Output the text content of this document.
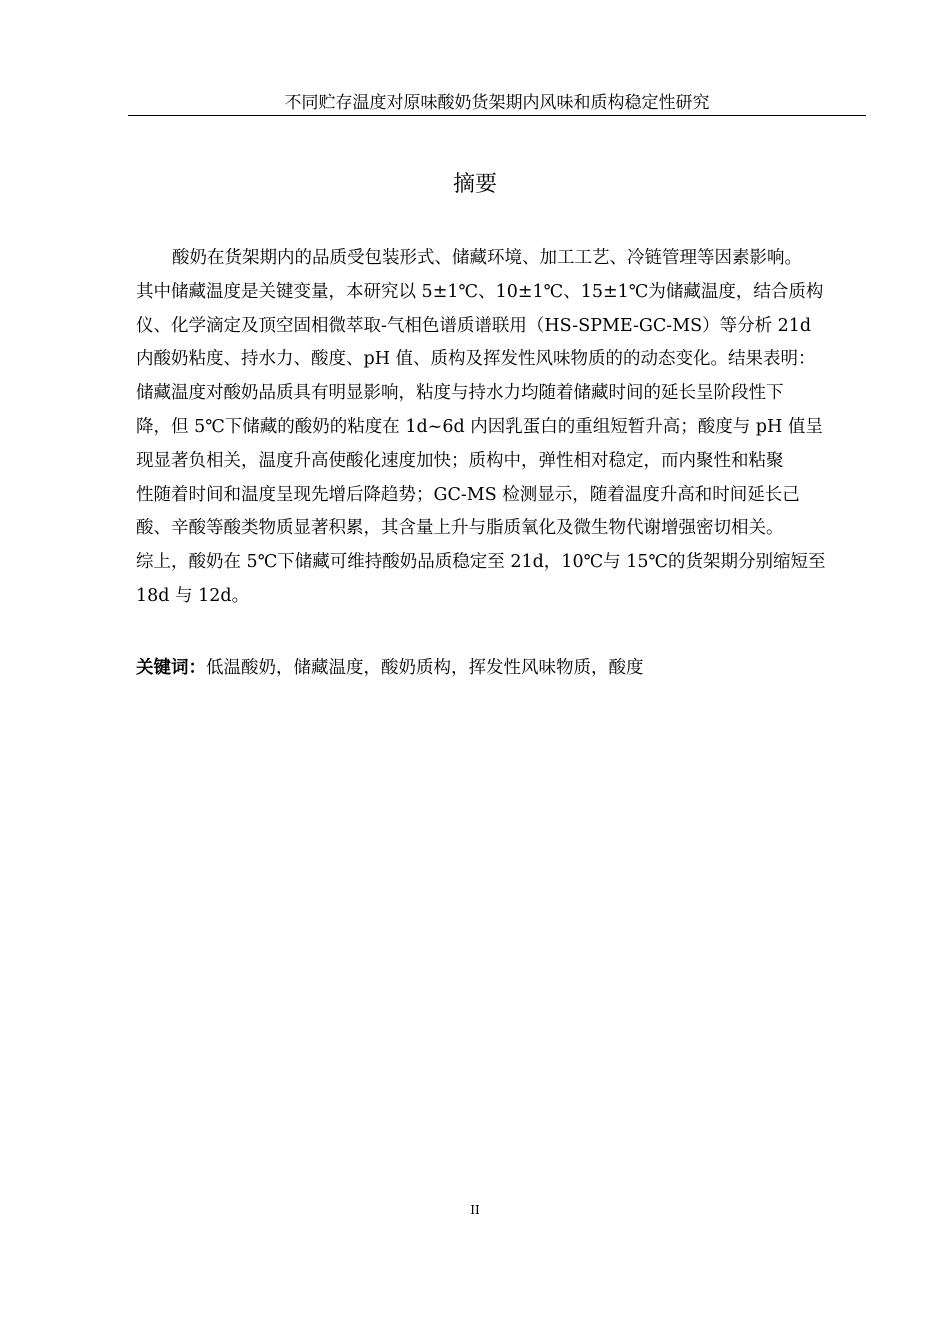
不同贮存温度对原味酸奶货架期内风味和质构稳定性研究
摘要
酸奶在货架期内的品质受包装形式、储藏环境、加工工艺、冷链管理等因素影响。
其中储藏温度是关键变量，本研究以 5±1℃、10±1℃、15±1℃为储藏温度，结合质构
仪、化学滴定及顶空固相微萃取-气相色谱质谱联用（HS-SPME-GC-MS）等分析 21d
内酸奶粘度、持水力、酸度、pH 值、质构及挥发性风味物质的的动态变化。结果表明：
储藏温度对酸奶品质具有明显影响，粘度与持水力均随着储藏时间的延长呈阶段性下
降，但 5℃下储藏的酸奶的粘度在 1d~6d 内因乳蛋白的重组短暂升高；酸度与 pH 值呈
现显著负相关，温度升高使酸化速度加快；质构中，弹性相对稳定，而内聚性和粘聚
性随着时间和温度呈现先增后降趋势；GC-MS 检测显示，随着温度升高和时间延长己
酸、辛酸等酸类物质显著积累，其含量上升与脂质氧化及微生物代谢增强密切相关。
综上，酸奶在 5℃下储藏可维持酸奶品质稳定至 21d，10℃与 15℃的货架期分别缩短至
18d 与 12d。
关键词：低温酸奶，储藏温度，酸奶质构，挥发性风味物质，酸度
II
